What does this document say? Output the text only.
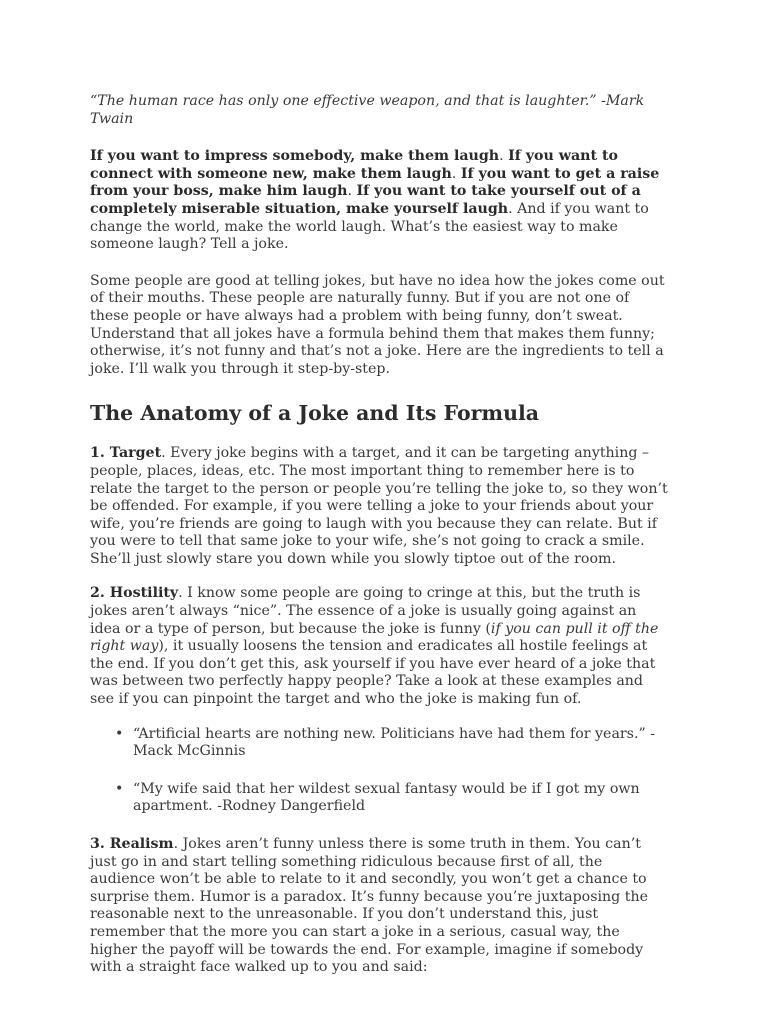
“The human race has only one effective weapon, and that is laughter.” -Mark Twain

If you want to impress somebody, make them laugh. If you want to connect with someone new, make them laugh. If you want to get a raise from your boss, make him laugh. If you want to take yourself out of a completely miserable situation, make yourself laugh. And if you want to change the world, make the world laugh. What’s the easiest way to make someone laugh? Tell a joke.

Some people are good at telling jokes, but have no idea how the jokes come out of their mouths. These people are naturally funny. But if you are not one of these people or have always had a problem with being funny, don’t sweat. Understand that all jokes have a formula behind them that makes them funny; otherwise, it’s not funny and that’s not a joke. Here are the ingredients to tell a joke. I’ll walk you through it step-by-step.

The Anatomy of a Joke and Its Formula

1. Target. Every joke begins with a target, and it can be targeting anything – people, places, ideas, etc. The most important thing to remember here is to relate the target to the person or people you’re telling the joke to, so they won’t be offended. For example, if you were telling a joke to your friends about your wife, you’re friends are going to laugh with you because they can relate. But if you were to tell that same joke to your wife, she’s not going to crack a smile. She’ll just slowly stare you down while you slowly tiptoe out of the room.

2. Hostility. I know some people are going to cringe at this, but the truth is jokes aren’t always “nice”. The essence of a joke is usually going against an idea or a type of person, but because the joke is funny (if you can pull it off the right way), it usually loosens the tension and eradicates all hostile feelings at the end. If you don’t get this, ask yourself if you have ever heard of a joke that was between two perfectly happy people? Take a look at these examples and see if you can pinpoint the target and who the joke is making fun of.

• “Artificial hearts are nothing new. Politicians have had them for years.” -Mack McGinnis
• “My wife said that her wildest sexual fantasy would be if I got my own apartment. -Rodney Dangerfield

3. Realism. Jokes aren’t funny unless there is some truth in them. You can’t just go in and start telling something ridiculous because first of all, the audience won’t be able to relate to it and secondly, you won’t get a chance to surprise them. Humor is a paradox. It’s funny because you’re juxtaposing the reasonable next to the unreasonable. If you don’t understand this, just remember that the more you can start a joke in a serious, casual way, the higher the payoff will be towards the end. For example, imagine if somebody with a straight face walked up to you and said:
